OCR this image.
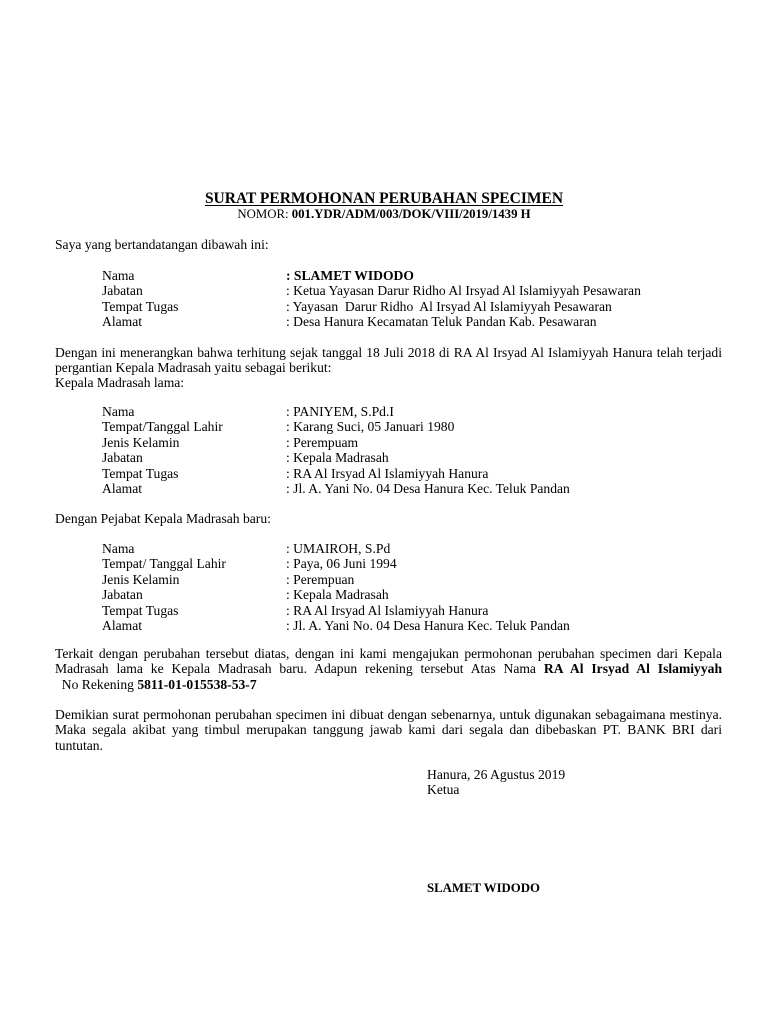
SURAT PERMOHONAN PERUBAHAN SPECIMEN
NOMOR: 001.YDR/ADM/003/DOK/VIII/2019/1439 H
Saya yang bertandatangan dibawah ini:
Nama	: SLAMET WIDODO
Jabatan	: Ketua Yayasan Darur Ridho Al Irsyad Al Islamiyyah Pesawaran
Tempat Tugas	: Yayasan  Darur Ridho  Al Irsyad Al Islamiyyah Pesawaran
Alamat	: Desa Hanura Kecamatan Teluk Pandan Kab. Pesawaran
Dengan ini menerangkan bahwa terhitung sejak tanggal 18 Juli 2018 di RA Al Irsyad Al Islamiyyah Hanura telah terjadi pergantian Kepala Madrasah yaitu sebagai berikut:
Kepala Madrasah lama:
Nama	: PANIYEM, S.Pd.I
Tempat/Tanggal Lahir	: Karang Suci, 05 Januari 1980
Jenis Kelamin	: Perempuam
Jabatan	: Kepala Madrasah
Tempat Tugas	: RA Al Irsyad Al Islamiyyah Hanura
Alamat	: Jl. A. Yani No. 04 Desa Hanura Kec. Teluk Pandan
Dengan Pejabat Kepala Madrasah baru:
Nama	: UMAIROH, S.Pd
Tempat/ Tanggal Lahir	: Paya, 06 Juni 1994
Jenis Kelamin	: Perempuan
Jabatan	: Kepala Madrasah
Tempat Tugas	: RA Al Irsyad Al Islamiyyah Hanura
Alamat	: Jl. A. Yani No. 04 Desa Hanura Kec. Teluk Pandan
Terkait dengan perubahan tersebut diatas, dengan ini kami mengajukan permohonan perubahan specimen dari Kepala Madrasah lama ke Kepala Madrasah baru. Adapun rekening tersebut Atas Nama RA Al Irsyad Al Islamiyyah  No Rekening 5811-01-015538-53-7
Demikian surat permohonan perubahan specimen ini dibuat dengan sebenarnya, untuk digunakan sebagaimana mestinya. Maka segala akibat yang timbul merupakan tanggung jawab kami dari segala dan dibebaskan PT. BANK BRI dari tuntutan.
Hanura, 26 Agustus 2019
Ketua
SLAMET WIDODO
